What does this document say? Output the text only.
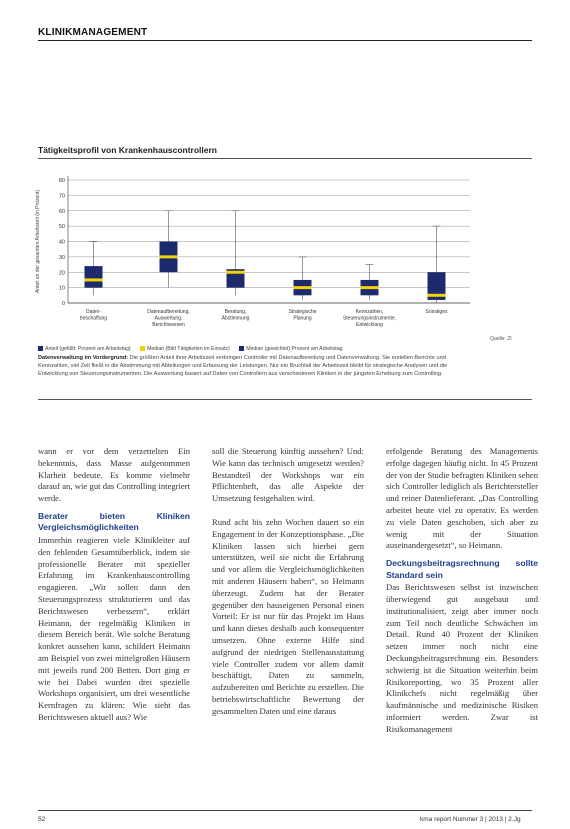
KLINIKMANAGEMENT
Tätigkeitsprofil von Krankenhauscontrollern
0
10
20
30
40
50
60
70
80
Anteil an der gesamten Arbeitszeit (in Prozent)
Daten-
beschaffung
Datenaufbereitung,
Auswertung,
Berichtswesen
Beratung,
Abstimmung
Strategische
Planung
Kennzahlen,
Steuerungsinstrumente,
Entwicklung
Sonstiges
Quelle: ZI
Anteil (gefüllt: Prozent am Arbeitstag)	Median (Bild Tätigkeiten im Einsatz)	Median (gewichtet) Prozent am Arbeitstag
Datenverwaltung im Vordergrund: Die größten Anteil ihrer Arbeitszeit verbringen Controller mit Datenaufbereitung und Datenverwaltung. Sie erstellen Berichte und Kennzahlen, viel Zeit fließt in die Abstimmung mit Abteilungen und Erfassung der Leistungen. Nur ein Bruchteil der Arbeitszeit bleibt für strategische Analysen und die Entwicklung von Steuerungsinstrumenten. Die Auswertung basiert auf Daten von Controllern aus verschiedenen Kliniken in der jüngsten Erhebung zum Controlling.

wann er vor dem verzettelten Ein bekenntnis, dass Masse aufgenommen Klarheit bedeute. Es komme vielmehr darauf an, wie gut das Controlling integriert werde.

Berater bieten Kliniken Vergleichsmöglichkeiten

Immerhin reagieren viele Klinikleiter auf den fehlenden Gesamtüberblick, indem sie professionelle Berater mit spezieller Erfahrung im Krankenhauscontrolling engagieren. „Wir sollen dann den Steuerungsprozess strukturieren und das Berichtswesen verbessern“, erklärt Heimann, der regelmäßig Kliniken in diesem Bereich berät. Wie solche Beratung konkret aussehen kann, schildert Heimann am Beispiel von zwei mittelgroßen Häusern mit jeweils rund 200 Betten. Dort ging er wie bei Dabei wurden drei spezielle Workshops organisiert, um drei wesentliche Kernfragen zu klären: Wie sieht das Berichtswesen aktuell aus? Wie

soll die Steuerung künftig aussehen? Und: Wie kann das technisch umgesetzt werden? Bestandteil der Workshops war ein Pflichtenheft, das alle Aspekte der Umsetzung festgehalten wird.

Rund acht bis zehn Wochen dauert so ein Engagement in der Konzeptionsphase. „Die Kliniken lassen sich hierbei gern unterstützen, weil sie nicht die Erfahrung und vor allem die Vergleichsmöglichkeiten mit anderen Häusern haben“, so Heimann überzeugt. Zudem hat der Berater gegenüber den hauseigenen Personal einen Vorteil: Er ist nur für das Projekt im Haus und kann dieses deshalb auch konsequenter umsetzen. Ohne externe Hilfe sind aufgrund der niedrigen Stellenausstattung viele Controller zudem vor allem damit beschäftigt, Daten zu sammeln, aufzubereiten und Berichte zu erstellen. Die betriebswirtschaftliche Bewertung der gesammelten Daten und eine daraus

erfolgende Beratung des Managements erfolge dagegen häufig nicht. In 45 Prozent der von der Studie befragten Kliniken sehen sich Controller lediglich als Berichtersteller und reiner Datenlieferant. „Das Controlling arbeitet heute viel zu operativ. Es werden zu viele Daten geschoben, sich aber zu wenig mit der Situation auseinandergesetzt“, so Heimann.

Deckungsbeitragsrechnung sollte Standard sein

Das Berichtswesen selbst ist inzwischen überwiegend gut ausgebaut und institutionalisiert, zeigt aber immer noch zum Teil noch deutliche Schwächen im Detail. Rund 40 Prozent der Kliniken setzen immer noch nicht eine Deckungsbeitragsrechnung ein. Besonders schwierig ist die Situation weiterhin beim Risikoreporting, wo 35 Prozent aller Klinikchefs nicht regelmäßig über kaufmännische und medizinische Risiken informiert werden. Zwar ist Risikomanagement

52	kma report Nummer 3 | 2013 | 2.Jg
